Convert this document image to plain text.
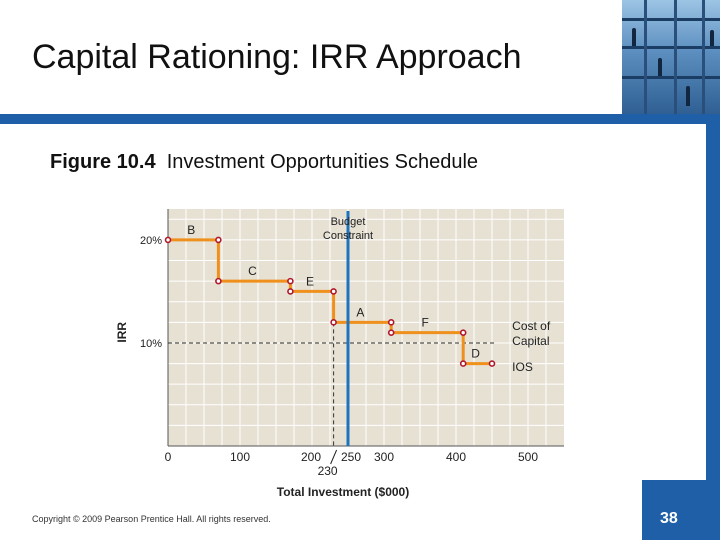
Capital Rationing: IRR Approach
Figure 10.4 Investment Opportunities Schedule
B
C
E
A
F
D
20%
10%
0	100	200 250 300	400	500
230
Budget
Constraint
Cost of
Capital
IOS
IRR
Total Investment ($000)
Copyright © 2009 Pearson Prentice Hall. All rights reserved.	38
